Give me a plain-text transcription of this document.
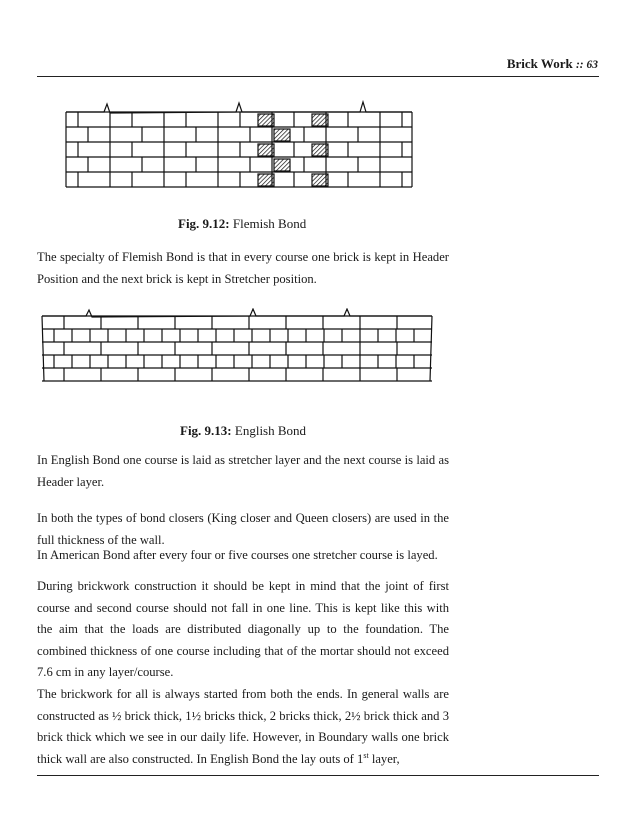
Brick Work :: 63
Fig. 9.12: Flemish Bond

The specialty of Flemish Bond is that in every course one brick is kept in Header Position and the next brick is kept in Stretcher position.

Fig. 9.13: English Bond

In English Bond one course is laid as stretcher layer and the next course is laid as Header layer.

In both the types of bond closers (King closer and Queen closers) are used in the full thickness of the wall.

In American Bond after every four or five courses one stretcher course is layed.

During brickwork construction it should be kept in mind that the joint of first course and second course should not fall in one line. This is kept like this with the aim that the loads are distributed diagonally up to the foundation. The combined thickness of one course including that of the mortar should not exceed 7.6 cm in any layer/course.

The brickwork for all is always started from both the ends. In general walls are constructed as ½ brick thick, 1½ bricks thick, 2 bricks thick, 2½ brick thick and 3 brick thick which we see in our daily life. However, in Boundary walls one brick thick wall are also constructed. In English Bond the lay outs of 1st layer,
